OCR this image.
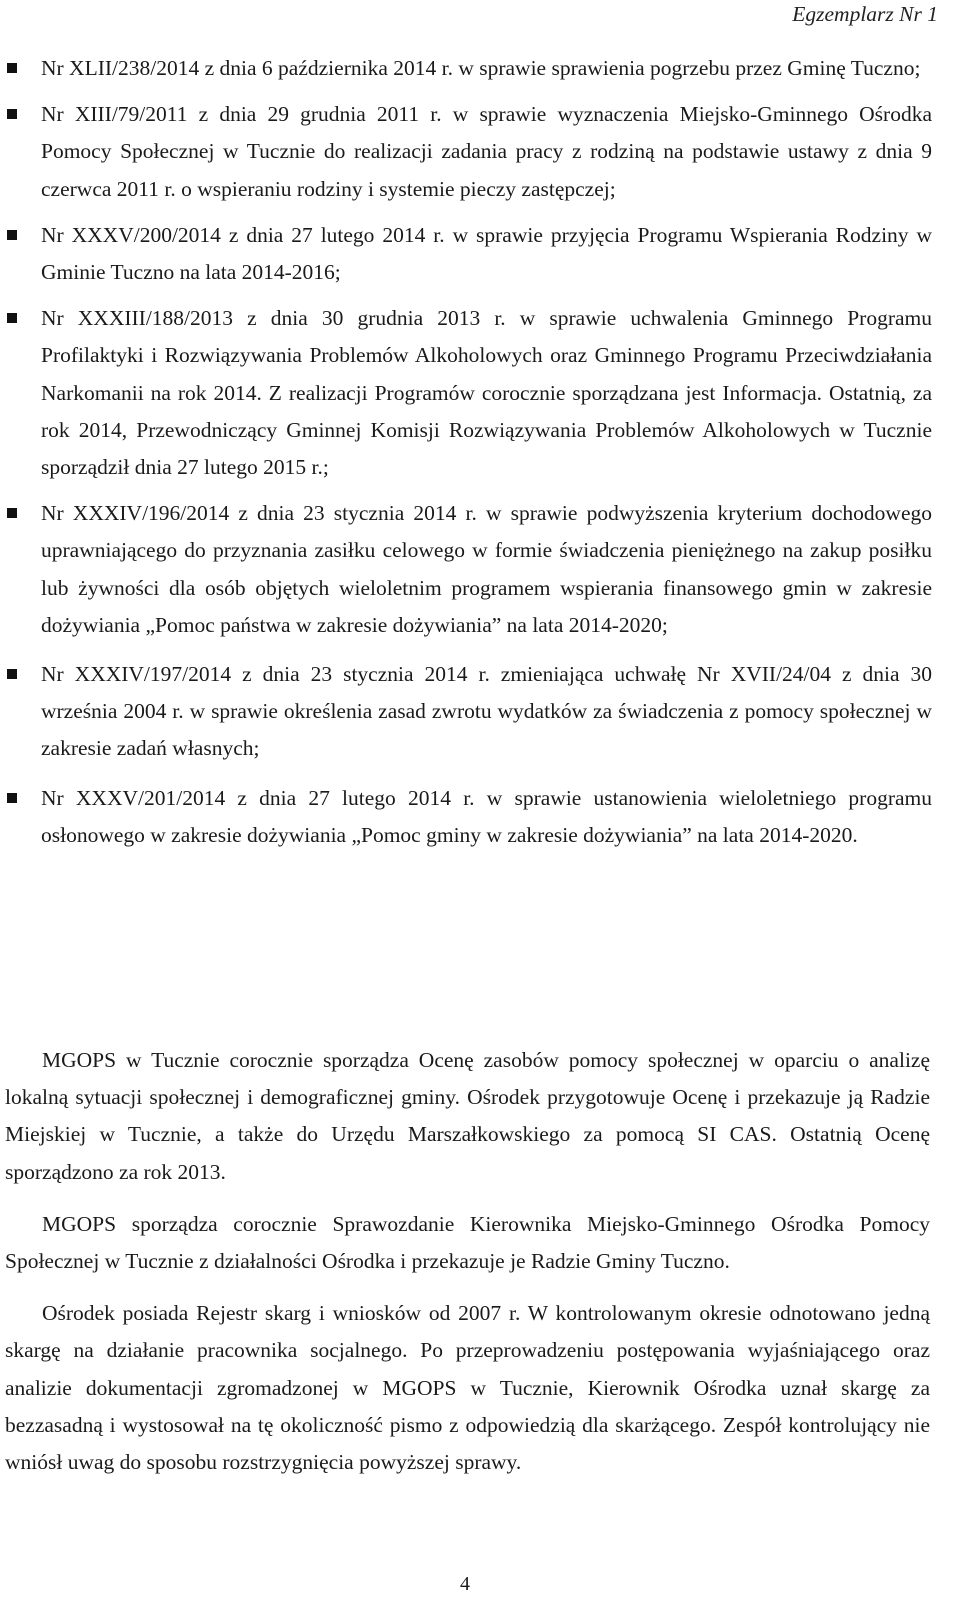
Egzemplarz Nr 1
Nr XLII/238/2014 z dnia 6 października 2014 r. w sprawie sprawienia pogrzebu przez Gminę Tuczno;
Nr XIII/79/2011 z dnia 29 grudnia 2011 r. w sprawie wyznaczenia Miejsko-Gminnego Ośrodka Pomocy Społecznej w Tucznie do realizacji zadania pracy z rodziną na podstawie ustawy z dnia 9 czerwca 2011 r. o wspieraniu rodziny i systemie pieczy zastępczej;
Nr XXXV/200/2014 z dnia 27 lutego 2014 r. w sprawie przyjęcia Programu Wspierania Rodziny w Gminie Tuczno na lata 2014-2016;
Nr XXXIII/188/2013 z dnia 30 grudnia 2013 r. w sprawie uchwalenia Gminnego Programu Profilaktyki i Rozwiązywania Problemów Alkoholowych oraz Gminnego Programu Przeciwdziałania Narkomanii na rok 2014. Z realizacji Programów corocznie sporządzana jest Informacja. Ostatnią, za rok 2014, Przewodniczący Gminnej Komisji Rozwiązywania Problemów Alkoholowych w Tucznie sporządził dnia 27 lutego 2015 r.;
Nr XXXIV/196/2014 z dnia 23 stycznia 2014 r. w sprawie podwyższenia kryterium dochodowego uprawniającego do przyznania zasiłku celowego w formie świadczenia pieniężnego na zakup posiłku lub żywności dla osób objętych wieloletnim programem wspierania finansowego gmin w zakresie dożywiania „Pomoc państwa w zakresie dożywiania” na lata 2014-2020;
Nr XXXIV/197/2014 z dnia 23 stycznia 2014 r. zmieniająca uchwałę Nr XVII/24/04 z dnia 30 września 2004 r. w sprawie określenia zasad zwrotu wydatków za świadczenia z pomocy społecznej w zakresie zadań własnych;
Nr XXXV/201/2014 z dnia 27 lutego 2014 r. w sprawie ustanowienia wieloletniego programu osłonowego w zakresie dożywiania „Pomoc gminy w zakresie dożywiania” na lata 2014-2020.

MGOPS w Tucznie corocznie sporządza Ocenę zasobów pomocy społecznej w oparciu o analizę lokalną sytuacji społecznej i demograficznej gminy. Ośrodek przygotowuje Ocenę i przekazuje ją Radzie Miejskiej w Tucznie, a także do Urzędu Marszałkowskiego za pomocą SI CAS. Ostatnią Ocenę sporządzono za rok 2013.

MGOPS sporządza corocznie Sprawozdanie Kierownika Miejsko-Gminnego Ośrodka Pomocy Społecznej w Tucznie z działalności Ośrodka i przekazuje je Radzie Gminy Tuczno.

Ośrodek posiada Rejestr skarg i wniosków od 2007 r. W kontrolowanym okresie odnotowano jedną skargę na działanie pracownika socjalnego. Po przeprowadzeniu postępowania wyjaśniającego oraz analizie dokumentacji zgromadzonej w MGOPS w Tucznie, Kierownik Ośrodka uznał skargę za bezzasadną i wystosował na tę okoliczność pismo z odpowiedzią dla skarżącego. Zespół kontrolujący nie wniósł uwag do sposobu rozstrzygnięcia powyższej sprawy.

4
